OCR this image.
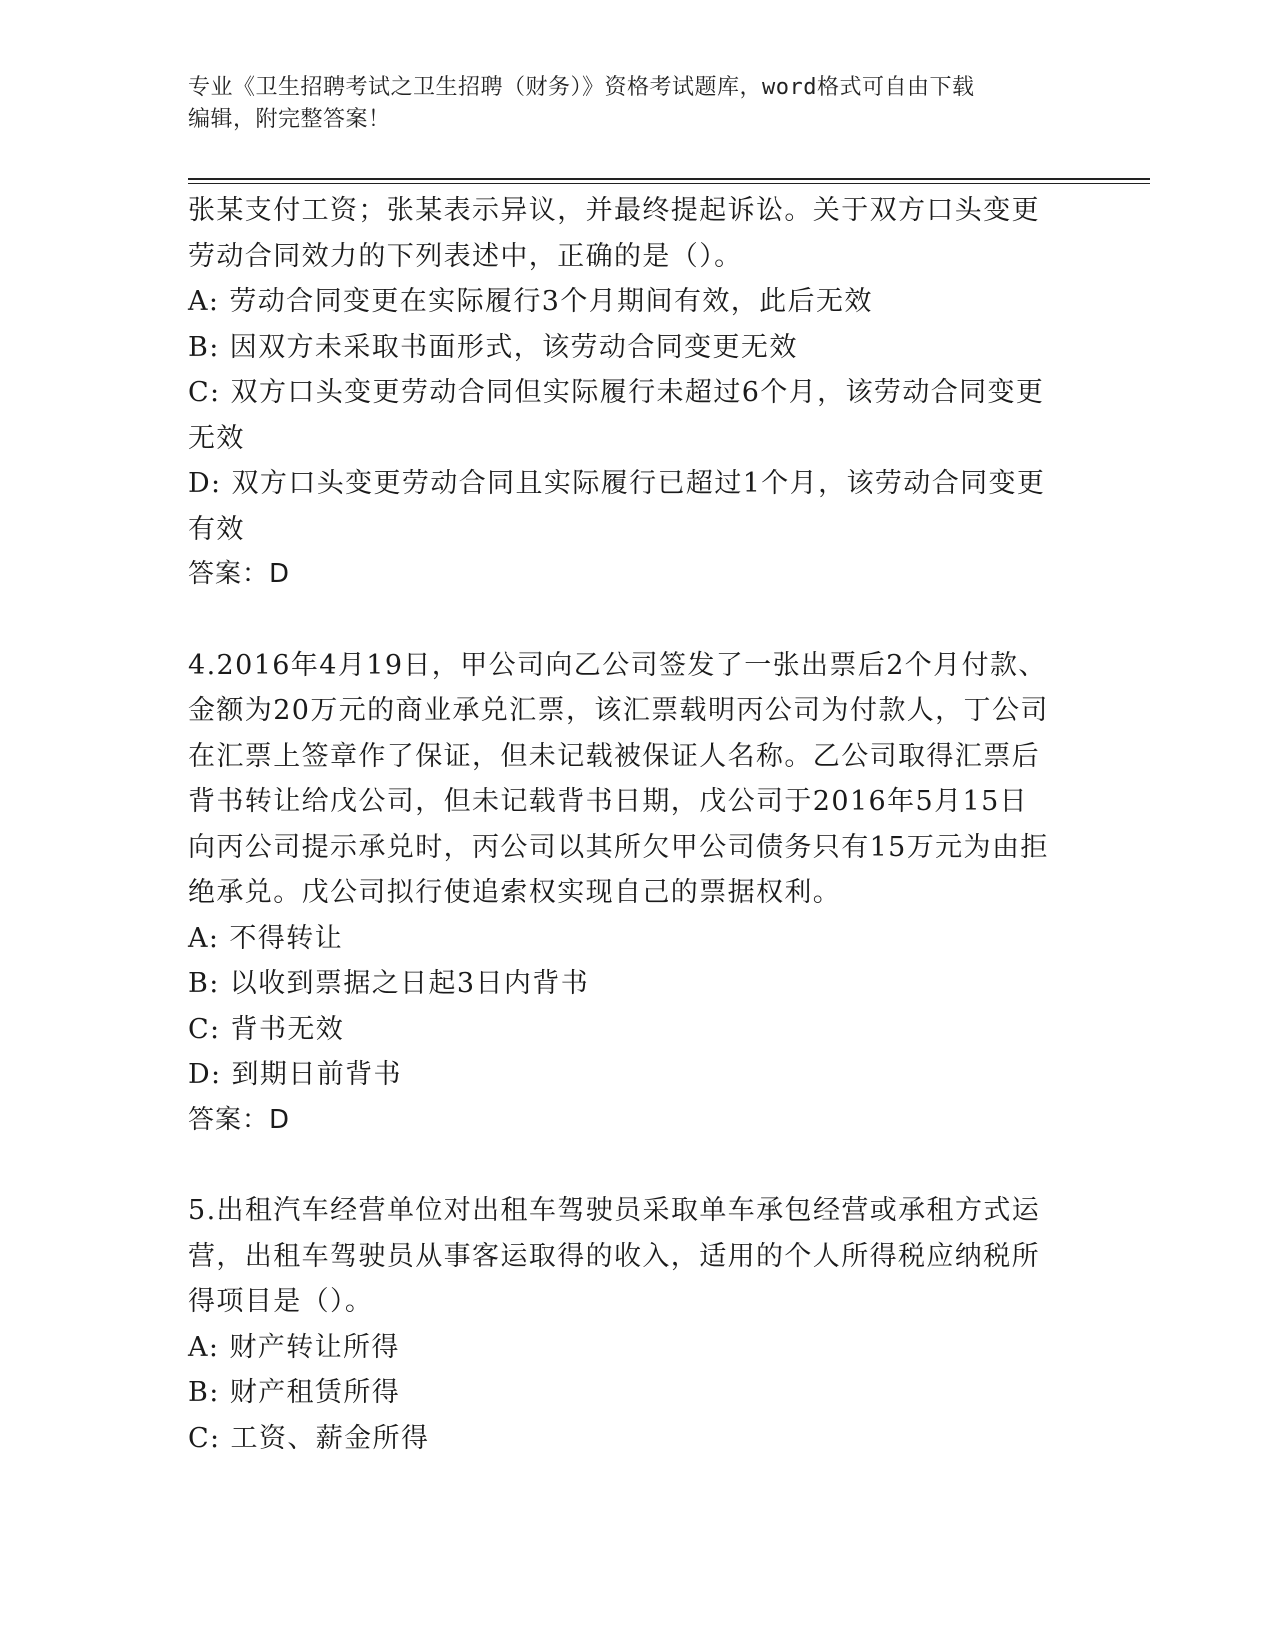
专业《卫生招聘考试之卫生招聘（财务）》资格考试题库，word格式可自由下载
编辑，附完整答案！

张某支付工资；张某表示异议，并最终提起诉讼。关于双方口头变更

劳动合同效力的下列表述中，正确的是（）。

A: 劳动合同变更在实际履行3个月期间有效，此后无效

B: 因双方未采取书面形式，该劳动合同变更无效

C: 双方口头变更劳动合同但实际履行未超过6个月，该劳动合同变更

无效

D: 双方口头变更劳动合同且实际履行已超过1个月，该劳动合同变更

有效

答案：D

4.2016年4月19日，甲公司向乙公司签发了一张出票后2个月付款、

金额为20万元的商业承兑汇票，该汇票载明丙公司为付款人，丁公司

在汇票上签章作了保证，但未记载被保证人名称。乙公司取得汇票后

背书转让给戊公司，但未记载背书日期，戊公司于2016年5月15日

向丙公司提示承兑时，丙公司以其所欠甲公司债务只有15万元为由拒

绝承兑。戊公司拟行使追索权实现自己的票据权利。

A: 不得转让

B: 以收到票据之日起3日内背书

C: 背书无效

D: 到期日前背书

答案：D

5.出租汽车经营单位对出租车驾驶员采取单车承包经营或承租方式运

营，出租车驾驶员从事客运取得的收入，适用的个人所得税应纳税所

得项目是（）。

A: 财产转让所得

B: 财产租赁所得

C: 工资、薪金所得
